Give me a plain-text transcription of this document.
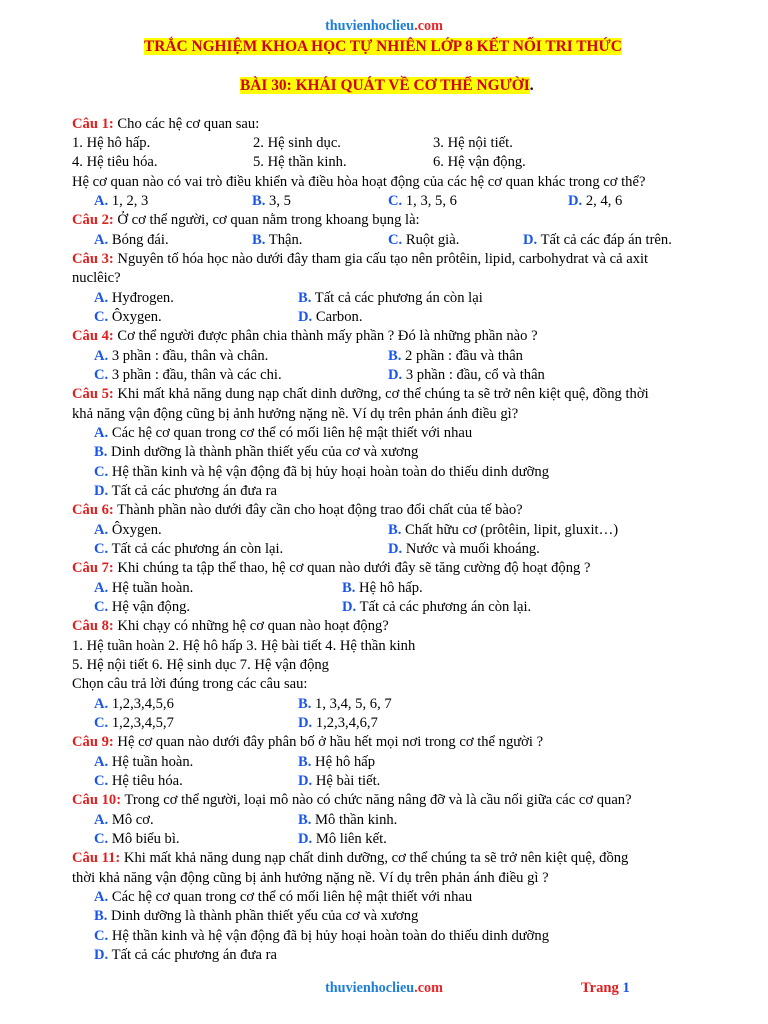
thuvienhoclieu.com
TRẮC NGHIỆM KHOA HỌC TỰ NHIÊN LỚP 8 KẾT NỐI TRI THỨC
BÀI 30: KHÁI QUÁT VỀ CƠ THỂ NGƯỜI.
Câu 1: Cho các hệ cơ quan sau:
1. Hệ hô hấp.	2. Hệ sinh dục.	3. Hệ nội tiết.
4. Hệ tiêu hóa.	5. Hệ thần kinh.	6. Hệ vận động.
Hệ cơ quan nào có vai trò điều khiển và điều hòa hoạt động của các hệ cơ quan khác trong cơ thể?
A. 1, 2, 3	B. 3, 5	C. 1, 3, 5, 6	D. 2, 4, 6
Câu 2: Ở cơ thể người, cơ quan nằm trong khoang bụng là:
A. Bóng đái.	B. Thận.	C. Ruột già.	D. Tất cả các đáp án trên.
Câu 3: Nguyên tố hóa học nào dưới đây tham gia cấu tạo nên prôtêin, lipid, carbohydrat và cả axit
nuclêic?
A. Hyđrogen.	B. Tất cả các phương án còn lại
C. Ôxygen.	D. Carbon.
Câu 4: Cơ thể người được phân chia thành mấy phần ? Đó là những phần nào ?
A. 3 phần : đầu, thân và chân.	B. 2 phần : đầu và thân
C. 3 phần : đầu, thân và các chi.	D. 3 phần : đầu, cổ và thân
Câu 5: Khi mất khả năng dung nạp chất dinh dưỡng, cơ thể chúng ta sẽ trở nên kiệt quệ, đồng thời
khả năng vận động cũng bị ảnh hưởng nặng nề. Ví dụ trên phản ánh điều gì?
A. Các hệ cơ quan trong cơ thể có mối liên hệ mật thiết với nhau
B. Dinh dưỡng là thành phần thiết yếu của cơ và xương
C. Hệ thần kinh và hệ vận động đã bị hủy hoại hoàn toàn do thiếu dinh dưỡng
D. Tất cả các phương án đưa ra
Câu 6: Thành phần nào dưới đây cần cho hoạt động trao đổi chất của tế bào?
A. Ôxygen.	B. Chất hữu cơ (prôtêin, lipit, gluxit…)
C. Tất cả các phương án còn lại.	D. Nước và muối khoáng.
Câu 7: Khi chúng ta tập thể thao, hệ cơ quan nào dưới đây sẽ tăng cường độ hoạt động ?
A. Hệ tuần hoàn.	B. Hệ hô hấp.
C. Hệ vận động.	D. Tất cả các phương án còn lại.
Câu 8: Khi chạy có những hệ cơ quan nào hoạt động?
1. Hệ tuần hoàn 2. Hệ hô hấp 3. Hệ bài tiết 4. Hệ thần kinh
5. Hệ nội tiết 6. Hệ sinh dục 7. Hệ vận động
Chọn câu trả lời đúng trong các câu sau:
A. 1,2,3,4,5,6	B. 1, 3,4, 5, 6, 7
C. 1,2,3,4,5,7	D. 1,2,3,4,6,7
Câu 9: Hệ cơ quan nào dưới đây phân bố ở hầu hết mọi nơi trong cơ thể người ?
A. Hệ tuần hoàn.	B. Hệ hô hấp
C. Hệ tiêu hóa.	D. Hệ bài tiết.
Câu 10: Trong cơ thể người, loại mô nào có chức năng nâng đỡ và là cầu nối giữa các cơ quan?
A. Mô cơ.	B. Mô thần kinh.
C. Mô biểu bì.	D. Mô liên kết.
Câu 11: Khi mất khả năng dung nạp chất dinh dưỡng, cơ thể chúng ta sẽ trở nên kiệt quệ, đồng
thời khả năng vận động cũng bị ảnh hưởng nặng nề. Ví dụ trên phản ánh điều gì ?
A. Các hệ cơ quan trong cơ thể có mối liên hệ mật thiết với nhau
B. Dinh dưỡng là thành phần thiết yếu của cơ và xương
C. Hệ thần kinh và hệ vận động đã bị hủy hoại hoàn toàn do thiếu dinh dưỡng
D. Tất cả các phương án đưa ra
thuvienhoclieu.com	Trang 1
